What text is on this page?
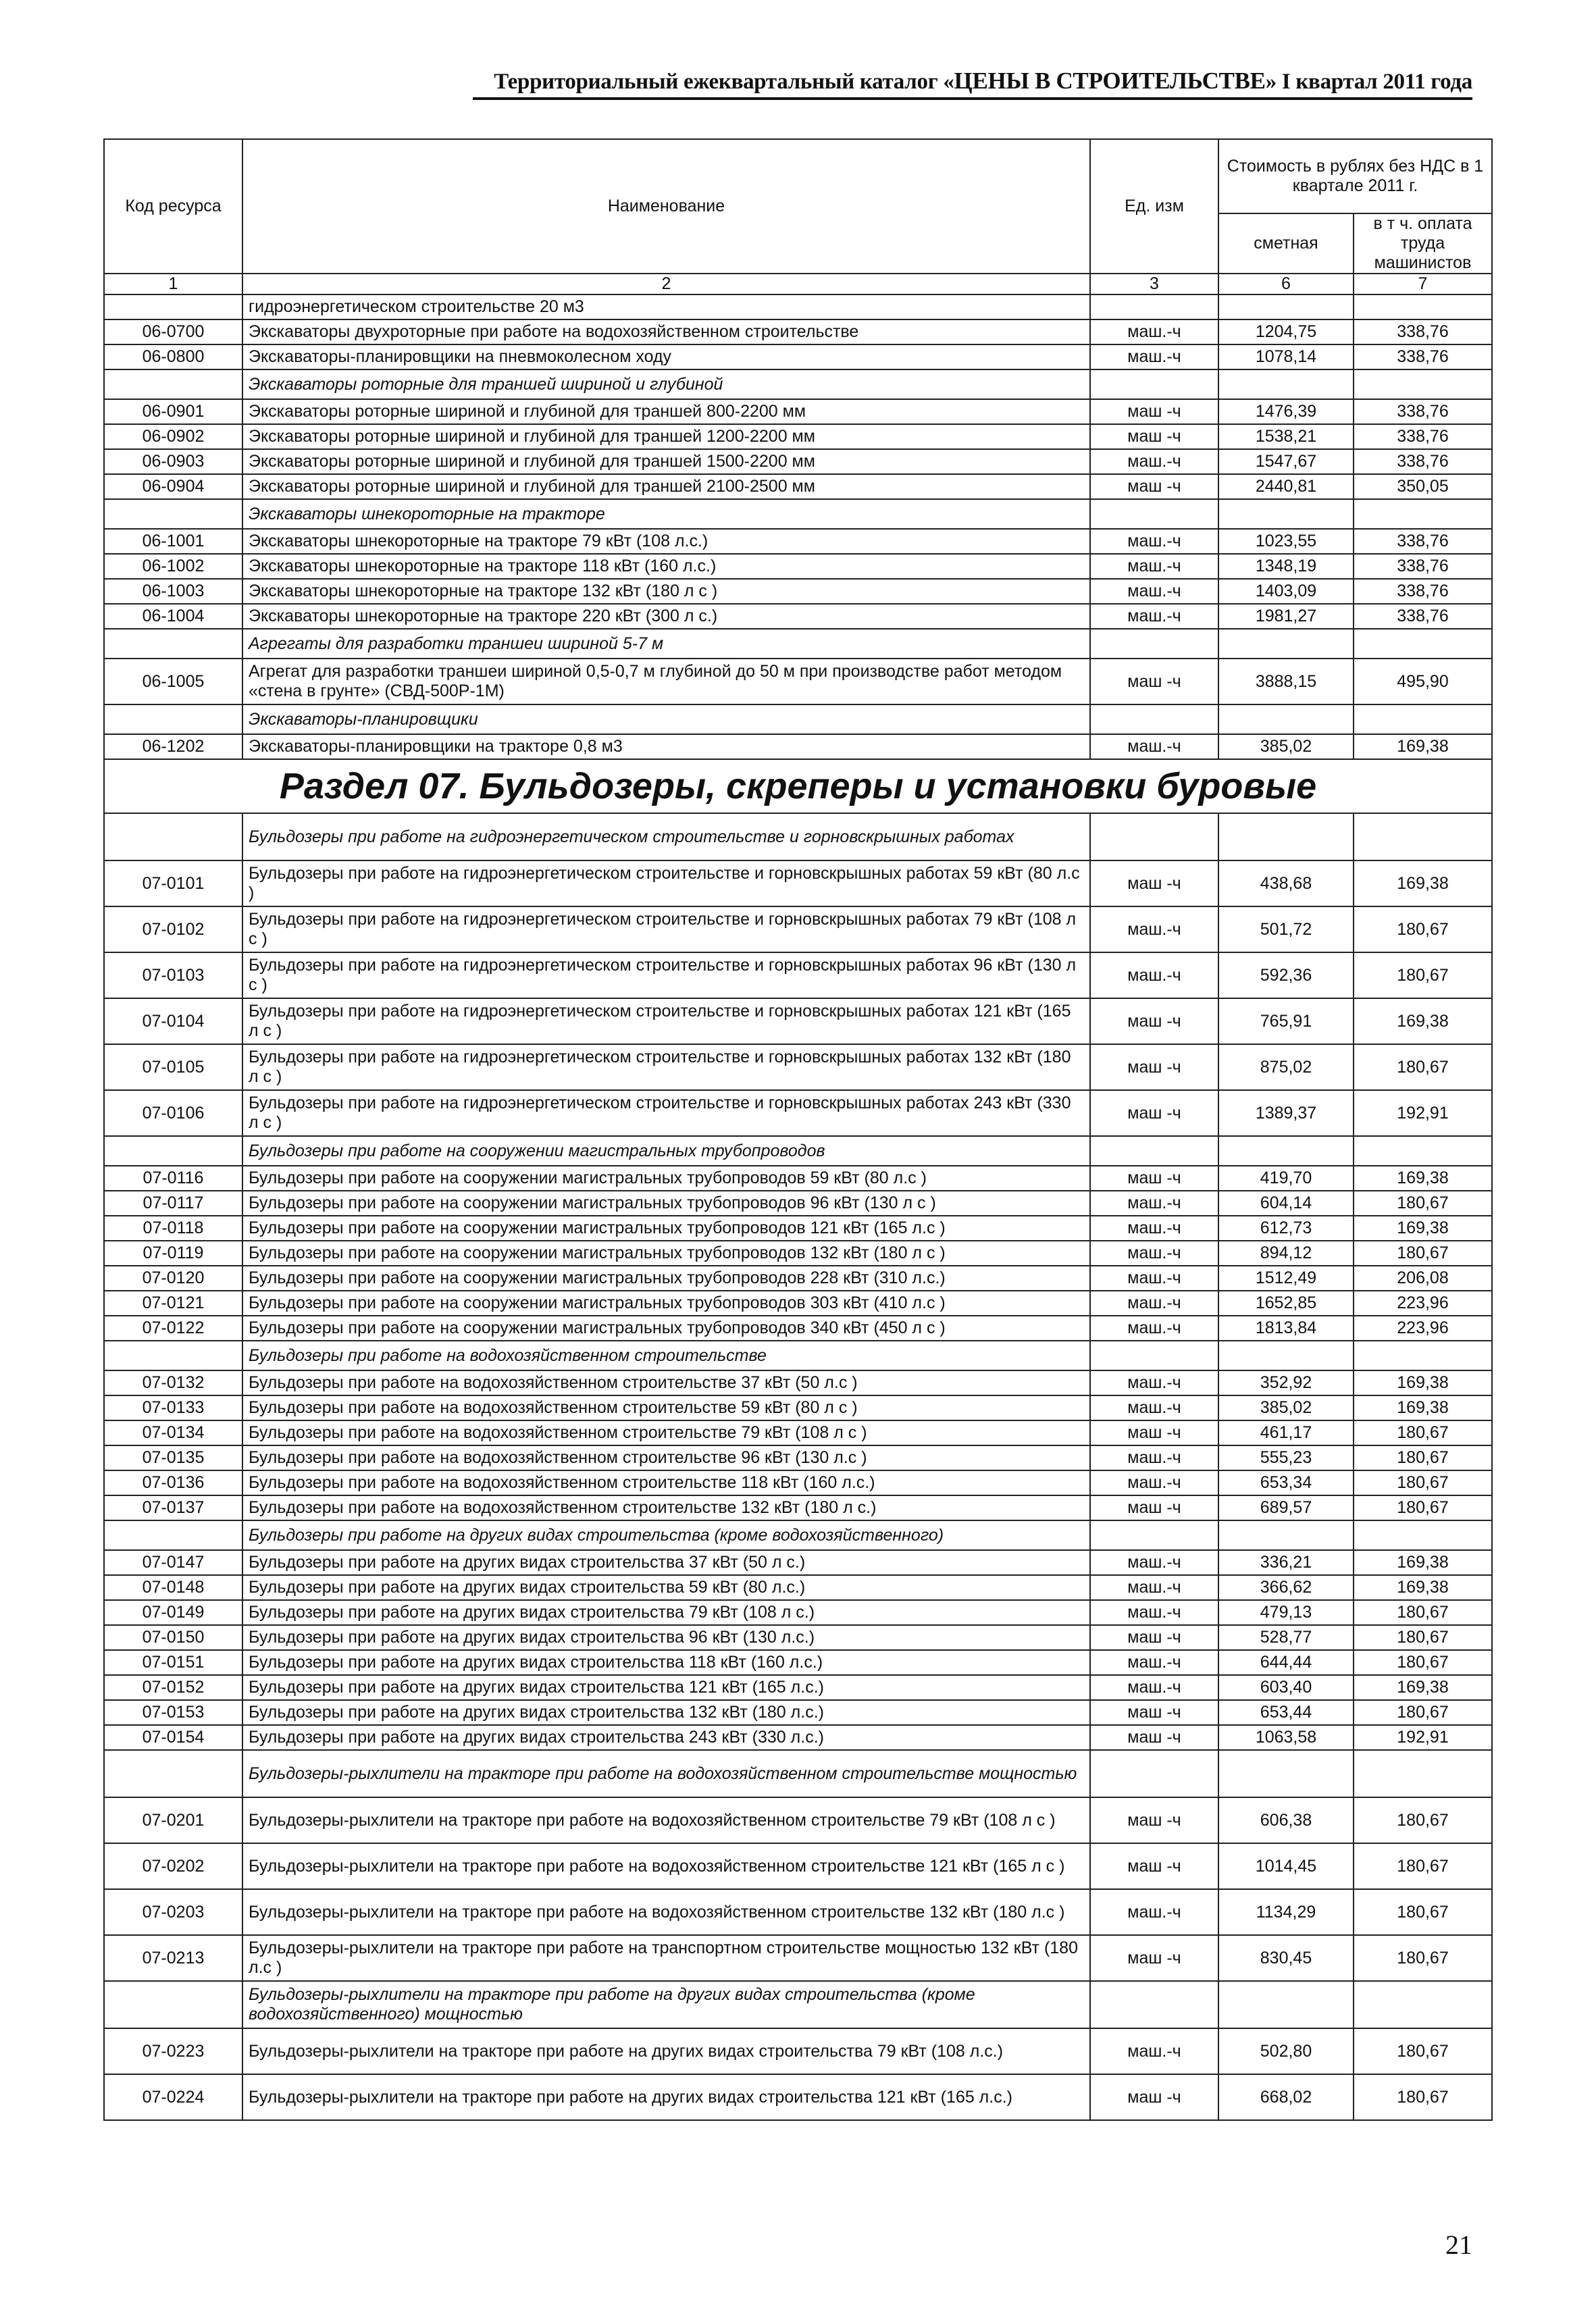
Территориальный ежеквартальный каталог «ЦЕНЫ В СТРОИТЕЛЬСТВЕ» I квартал 2011 года
Код ресурса	Наименование	Ед. изм	Стоимость в рублях без НДС в 1 квартале 2011 г.	
			сметная	в т ч. оплата труда машинистов
1	2	3	6	7
	гидроэнергетическом строительстве 20 м3			
06-0700	Экскаваторы двухроторные при работе на водохозяйственном строительстве	маш.-ч	1204,75	338,76
06-0800	Экскаваторы-планировщики на пневмоколесном ходу	маш.-ч	1078,14	338,76
	Экскаваторы роторные для траншей шириной и глубиной			
06-0901	Экскаваторы роторные шириной и глубиной для траншей 800-2200 мм	маш -ч	1476,39	338,76
06-0902	Экскаваторы роторные шириной и глубиной для траншей 1200-2200 мм	маш -ч	1538,21	338,76
06-0903	Экскаваторы роторные шириной и глубиной для траншей 1500-2200 мм	маш.-ч	1547,67	338,76
06-0904	Экскаваторы роторные шириной и глубиной для траншей 2100-2500 мм	маш -ч	2440,81	350,05
	Экскаваторы шнекороторные на тракторе			
06-1001	Экскаваторы шнекороторные на тракторе 79 кВт (108 л.с.)	маш.-ч	1023,55	338,76
06-1002	Экскаваторы шнекороторные на тракторе 118 кВт (160 л.с.)	маш.-ч	1348,19	338,76
06-1003	Экскаваторы шнекороторные на тракторе 132 кВт (180 л с )	маш.-ч	1403,09	338,76
06-1004	Экскаваторы шнекороторные на тракторе 220 кВт (300 л с.)	маш.-ч	1981,27	338,76
	Агрегаты для разработки траншеи шириной 5-7 м			
06-1005	Агрегат для разработки траншеи шириной 0,5-0,7 м глубиной до 50 м при производстве работ методом «стена в грунте» (СВД-500Р-1М)	маш -ч	3888,15	495,90
	Экскаваторы-планировщики			
06-1202	Экскаваторы-планировщики на тракторе 0,8 м3	маш.-ч	385,02	169,38
Раздел 07. Бульдозеры, скреперы и установки буровые				
	Бульдозеры при работе на гидроэнергетическом строительстве и горновскрышных работах			
07-0101	Бульдозеры при работе на гидроэнергетическом строительстве и горновскрышных работах 59 кВт (80 л.с )	маш -ч	438,68	169,38
07-0102	Бульдозеры при работе на гидроэнергетическом строительстве и горновскрышных работах 79 кВт (108 л с )	маш.-ч	501,72	180,67
07-0103	Бульдозеры при работе на гидроэнергетическом строительстве и горновскрышных работах 96 кВт (130 л с )	маш.-ч	592,36	180,67
07-0104	Бульдозеры при работе на гидроэнергетическом строительстве и горновскрышных работах 121 кВт (165 л с )	маш -ч	765,91	169,38
07-0105	Бульдозеры при работе на гидроэнергетическом строительстве и горновскрышных работах 132 кВт (180 л с )	маш -ч	875,02	180,67
07-0106	Бульдозеры при работе на гидроэнергетическом строительстве и горновскрышных работах 243 кВт (330 л с )	маш -ч	1389,37	192,91
	Бульдозеры при работе на сооружении магистральных трубопроводов			
07-0116	Бульдозеры при работе на сооружении магистральных трубопроводов 59 кВт (80 л.с )	маш -ч	419,70	169,38
07-0117	Бульдозеры при работе на сооружении магистральных трубопроводов 96 кВт (130 л с )	маш.-ч	604,14	180,67
07-0118	Бульдозеры при работе на сооружении магистральных трубопроводов 121 кВт (165 л.с )	маш.-ч	612,73	169,38
07-0119	Бульдозеры при работе на сооружении магистральных трубопроводов 132 кВт (180 л с )	маш.-ч	894,12	180,67
07-0120	Бульдозеры при работе на сооружении магистральных трубопроводов 228 кВт (310 л.с.)	маш.-ч	1512,49	206,08
07-0121	Бульдозеры при работе на сооружении магистральных трубопроводов 303 кВт (410 л.с )	маш.-ч	1652,85	223,96
07-0122	Бульдозеры при работе на сооружении магистральных трубопроводов 340 кВт (450 л с )	маш.-ч	1813,84	223,96
	Бульдозеры при работе на водохозяйственном строительстве			
07-0132	Бульдозеры при работе на водохозяйственном строительстве 37 кВт (50 л.с )	маш.-ч	352,92	169,38
07-0133	Бульдозеры при работе на водохозяйственном строительстве 59 кВт (80 л с )	маш.-ч	385,02	169,38
07-0134	Бульдозеры при работе на водохозяйственном строительстве 79 кВт (108 л с )	маш -ч	461,17	180,67
07-0135	Бульдозеры при работе на водохозяйственном строительстве 96 кВт (130 л.с )	маш.-ч	555,23	180,67
07-0136	Бульдозеры при работе на водохозяйственном строительстве 118 кВт (160 л.с.)	маш.-ч	653,34	180,67
07-0137	Бульдозеры при работе на водохозяйственном строительстве 132 кВт (180 л с.)	маш -ч	689,57	180,67
	Бульдозеры при работе на других видах строительства (кроме водохозяйственного)			
07-0147	Бульдозеры при работе на других видах строительства 37 кВт (50 л с.)	маш.-ч	336,21	169,38
07-0148	Бульдозеры при работе на других видах строительства 59 кВт (80 л.с.)	маш.-ч	366,62	169,38
07-0149	Бульдозеры при работе на других видах строительства 79 кВт (108 л с.)	маш.-ч	479,13	180,67
07-0150	Бульдозеры при работе на других видах строительства 96 кВт (130 л.с.)	маш -ч	528,77	180,67
07-0151	Бульдозеры при работе на других видах строительства 118 кВт (160 л.с.)	маш.-ч	644,44	180,67
07-0152	Бульдозеры при работе на других видах строительства 121 кВт (165 л.с.)	маш.-ч	603,40	169,38
07-0153	Бульдозеры при работе на других видах строительства 132 кВт (180 л.с.)	маш -ч	653,44	180,67
07-0154	Бульдозеры при работе на других видах строительства 243 кВт (330 л.с.)	маш -ч	1063,58	192,91
	Бульдозеры-рыхлители на тракторе при работе на водохозяйственном строительстве мощностью			
07-0201	Бульдозеры-рыхлители на тракторе при работе на водохозяйственном строительстве 79 кВт (108 л с )	маш -ч	606,38	180,67
07-0202	Бульдозеры-рыхлители на тракторе при работе на водохозяйственном строительстве 121 кВт (165 л с )	маш -ч	1014,45	180,67
07-0203	Бульдозеры-рыхлители на тракторе при работе на водохозяйственном строительстве 132 кВт (180 л.с )	маш.-ч	1134,29	180,67
07-0213	Бульдозеры-рыхлители на тракторе при работе на транспортном строительстве мощностью 132 кВт (180 л.с )	маш -ч	830,45	180,67
	Бульдозеры-рыхлители на тракторе при работе на других видах строительства (кроме водохозяйственного) мощностью			
07-0223	Бульдозеры-рыхлители на тракторе при работе на других видах строительства 79 кВт (108 л.с.)	маш.-ч	502,80	180,67
07-0224	Бульдозеры-рыхлители на тракторе при работе на других видах строительства 121 кВт (165 л.с.)	маш -ч	668,02	180,67
21
